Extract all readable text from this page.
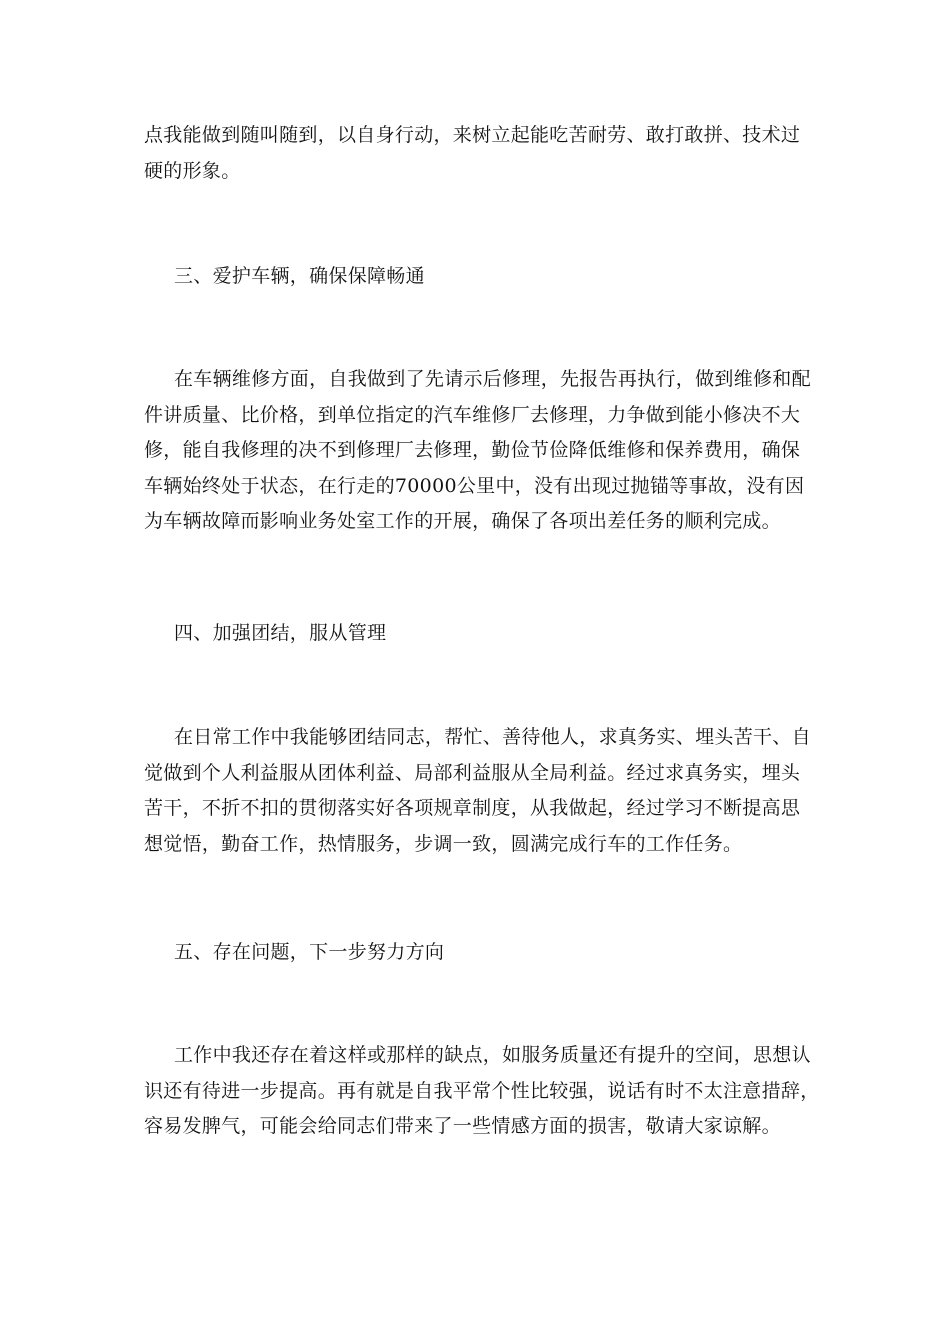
点我能做到随叫随到，以自身行动，来树立起能吃苦耐劳、敢打敢拼、技术过
硬的形象。
三、爱护车辆，确保保障畅通
在车辆维修方面，自我做到了先请示后修理，先报告再执行，做到维修和配
件讲质量、比价格，到单位指定的汽车维修厂去修理，力争做到能小修决不大
修，能自我修理的决不到修理厂去修理，勤俭节俭降低维修和保养费用，确保
车辆始终处于状态，在行走的70000公里中，没有出现过抛锚等事故，没有因
为车辆故障而影响业务处室工作的开展，确保了各项出差任务的顺利完成。
四、加强团结，服从管理
在日常工作中我能够团结同志，帮忙、善待他人，求真务实、埋头苦干、自
觉做到个人利益服从团体利益、局部利益服从全局利益。经过求真务实，埋头
苦干，不折不扣的贯彻落实好各项规章制度，从我做起，经过学习不断提高思
想觉悟，勤奋工作，热情服务，步调一致，圆满完成行车的工作任务。
五、存在问题，下一步努力方向
工作中我还存在着这样或那样的缺点，如服务质量还有提升的空间，思想认
识还有待进一步提高。再有就是自我平常个性比较强，说话有时不太注意措辞，
容易发脾气，可能会给同志们带来了一些情感方面的损害，敬请大家谅解。
